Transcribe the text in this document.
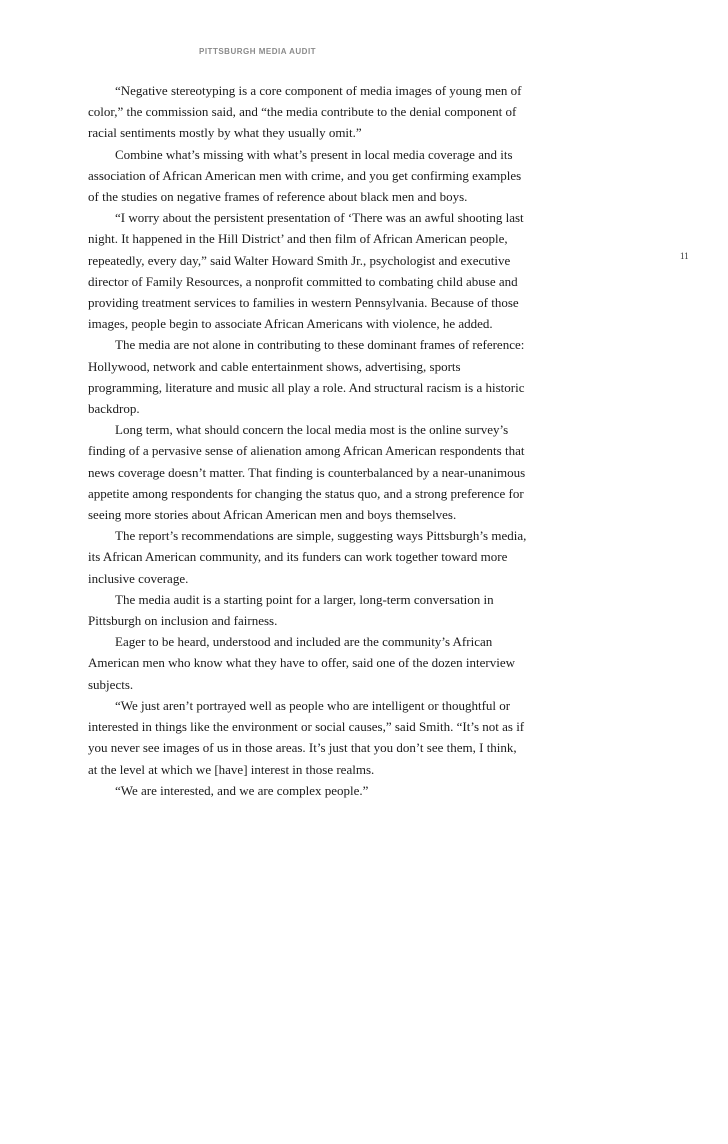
PITTSBURGH MEDIA AUDIT
11

“Negative stereotyping is a core component of media images of young men of color,” the commission said, and “the media contribute to the denial component of racial sentiments mostly by what they usually omit.”

Combine what’s missing with what’s present in local media coverage and its association of African American men with crime, and you get confirming examples of the studies on negative frames of reference about black men and boys.

“I worry about the persistent presentation of ‘There was an awful shooting last night. It happened in the Hill District’ and then film of African American people, repeatedly, every day,” said Walter Howard Smith Jr., psychologist and executive director of Family Resources, a nonprofit committed to combating child abuse and providing treatment services to families in western Pennsylvania. Because of those images, people begin to associate African Americans with violence, he added.

The media are not alone in contributing to these dominant frames of reference: Hollywood, network and cable entertainment shows, advertising, sports programming, literature and music all play a role. And structural racism is a historic backdrop.

Long term, what should concern the local media most is the online survey’s finding of a pervasive sense of alienation among African American respondents that news coverage doesn’t matter. That finding is counterbalanced by a near-unanimous appetite among respondents for changing the status quo, and a strong preference for seeing more stories about African American men and boys themselves.

The report’s recommendations are simple, suggesting ways Pittsburgh’s media, its African American community, and its funders can work together toward more inclusive coverage.

The media audit is a starting point for a larger, long-term conversation in Pittsburgh on inclusion and fairness.

Eager to be heard, understood and included are the community’s African American men who know what they have to offer, said one of the dozen interview subjects.

“We just aren’t portrayed well as people who are intelligent or thoughtful or interested in things like the environment or social causes,” said Smith. “It’s not as if you never see images of us in those areas. It’s just that you don’t see them, I think, at the level at which we [have] interest in those realms.

“We are interested, and we are complex people.”
